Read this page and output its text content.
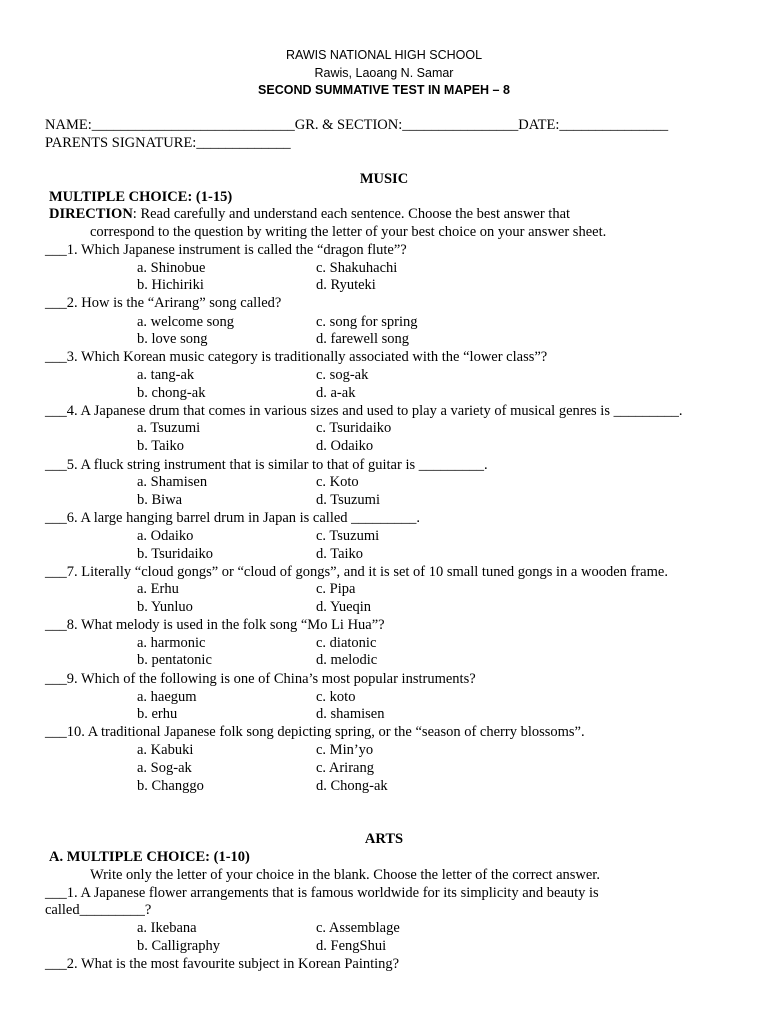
RAWIS NATIONAL HIGH SCHOOL
Rawis, Laoang N. Samar
SECOND SUMMATIVE TEST IN MAPEH – 8
NAME:____________________________GR. & SECTION:________________DATE:_______________
PARENTS SIGNATURE:_____________
MUSIC
MULTIPLE CHOICE: (1-15)
DIRECTION: Read carefully and understand each sentence. Choose the best answer that
correspond to the question by writing the letter of your best choice on your answer sheet.
___1. Which Japanese instrument is called the “dragon flute”?
a. Shinobue	c. Shakuhachi
b. Hichiriki	d. Ryuteki
___2. How is the “Arirang” song called?
a. welcome song	c. song for spring
b. love song	d. farewell song
___3. Which Korean music category is traditionally associated with the “lower class”?
a. tang-ak	c. sog-ak
b. chong-ak	d. a-ak
___4. A Japanese drum that comes in various sizes and used to play a variety of musical genres is _________.
a. Tsuzumi	c. Tsuridaiko
b. Taiko	d. Odaiko
___5. A fluck string instrument that is similar to that of guitar is _________.
a. Shamisen	c. Koto
b. Biwa	d. Tsuzumi
___6. A large hanging barrel drum in Japan is called _________.
a. Odaiko	c. Tsuzumi
b. Tsuridaiko	d. Taiko
___7. Literally “cloud gongs” or “cloud of gongs”, and it is set of 10 small tuned gongs in a wooden frame.
a. Erhu	c. Pipa
b. Yunluo	d. Yueqin
___8. What melody is used in the folk song “Mo Li Hua”?
a. harmonic	c. diatonic
b. pentatonic	d. melodic
___9. Which of the following is one of China’s most popular instruments?
a. haegum	c. koto
b. erhu	d. shamisen
___10. A traditional Japanese folk song depicting spring, or the “season of cherry blossoms”.
a. Kabuki	c. Min’yo
a. Sog-ak	c. Arirang
b. Changgo	d. Chong-ak
ARTS
A. MULTIPLE CHOICE: (1-10)
Write only the letter of your choice in the blank. Choose the letter of the correct answer.
___1. A Japanese flower arrangements that is famous worldwide for its simplicity and beauty is
called_________?
a. Ikebana	c. Assemblage
b. Calligraphy	d. FengShui
___2. What is the most favourite subject in Korean Painting?
